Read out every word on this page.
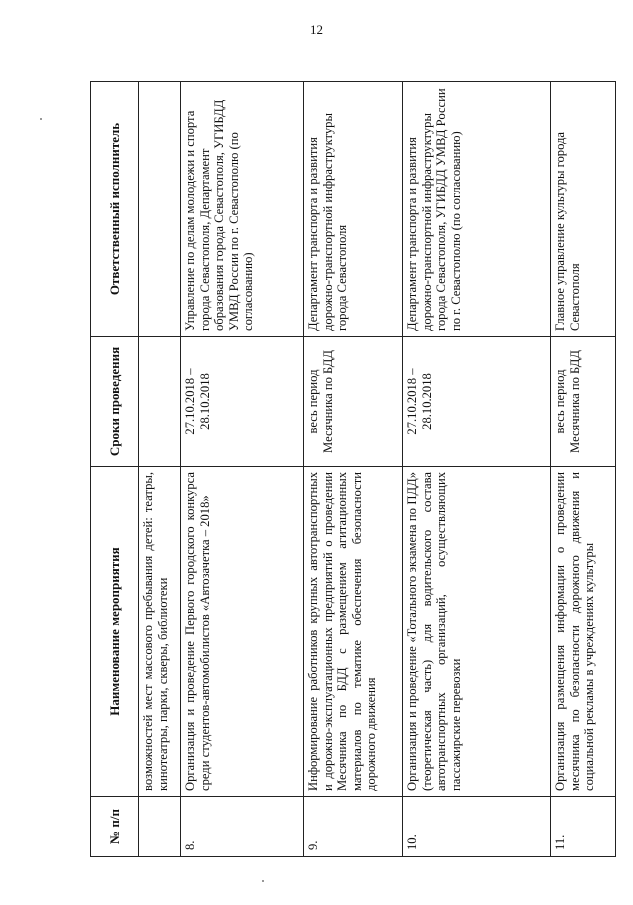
12
№ п/п	Наименование мероприятия	Сроки проведения	Ответственный исполнитель
	возможностей мест массового пребывания детей: театры, кинотеатры, парки, скверы, библиотеки		
8.	Организация и проведение Первого городского конкурса среди студентов-автомобилистов «Автозачетка – 2018»	27.10.2018 – 28.10.2018	Управление по делам молодежи и спорта города Севастополя, Департамент образования города Севастополя, УГИБДД УМВД России по г. Севастополю (по согласованию)
9.	Информирование работников крупных автотранспортных и дорожно-эксплуатационных предприятий о проведении Месячника по БДД с размещением агитационных материалов по тематике обеспечения безопасности дорожного движения	весь период Месячника по БДД	Департамент транспорта и развития дорожно-транспортной инфраструктуры города Севастополя
10.	Организация и проведение «Тотального экзамена по ПДД» (теоретическая часть) для водительского состава автотранспортных организаций, осуществляющих пассажирские перевозки	27.10.2018 – 28.10.2018	Департамент транспорта и развития дорожно-транспортной инфраструктуры города Севастополя, УГИБДД УМВД России по г. Севастополю (по согласованию)
11.	Организация размещения информации о проведении месячника по безопасности дорожного движения и социальной рекламы в учреждениях культуры	весь период Месячника по БДД	Главное управление культуры города Севастополя
